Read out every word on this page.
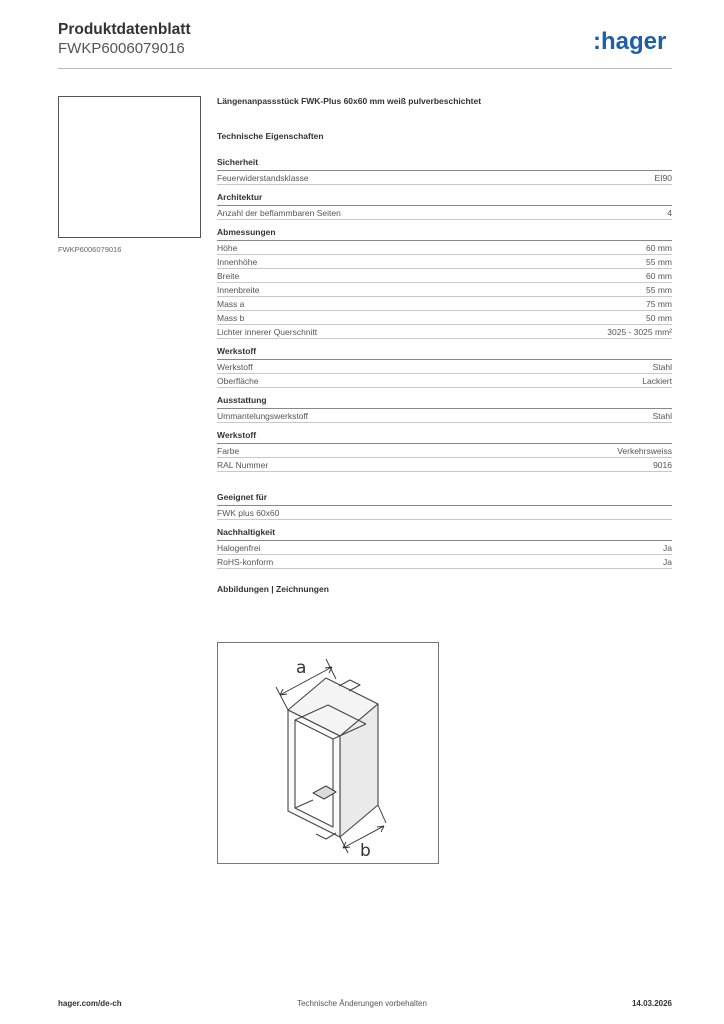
Produktdatenblatt
FWKP6006079016	:hager
FWKP6006079016
Längenanpassstück FWK-Plus 60x60 mm weiß pulverbeschichtet
Technische Eigenschaften
Sicherheit
Feuerwiderstandsklasse	EI90
Architektur
Anzahl der beflammbaren Seiten	4
Abmessungen
Höhe	60 mm
Innenhöhe	55 mm
Breite	60 mm
Innenbreite	55 mm
Mass a	75 mm
Mass b	50 mm
Lichter innerer Querschnitt	3025 - 3025 mm²
Werkstoff
Werkstoff	Stahl
Oberfläche	Lackiert
Ausstattung
Ummantelungswerkstoff	Stahl
Werkstoff
Farbe	Verkehrsweiss
RAL Nummer	9016
Geeignet für
FWK plus 60x60
Nachhaltigkeit
Halogenfrei	Ja
RoHS-konform	Ja
Abbildungen | Zeichnungen
a
b
hager.com/de-ch	Technische Änderungen vorbehalten	14.03.2026
